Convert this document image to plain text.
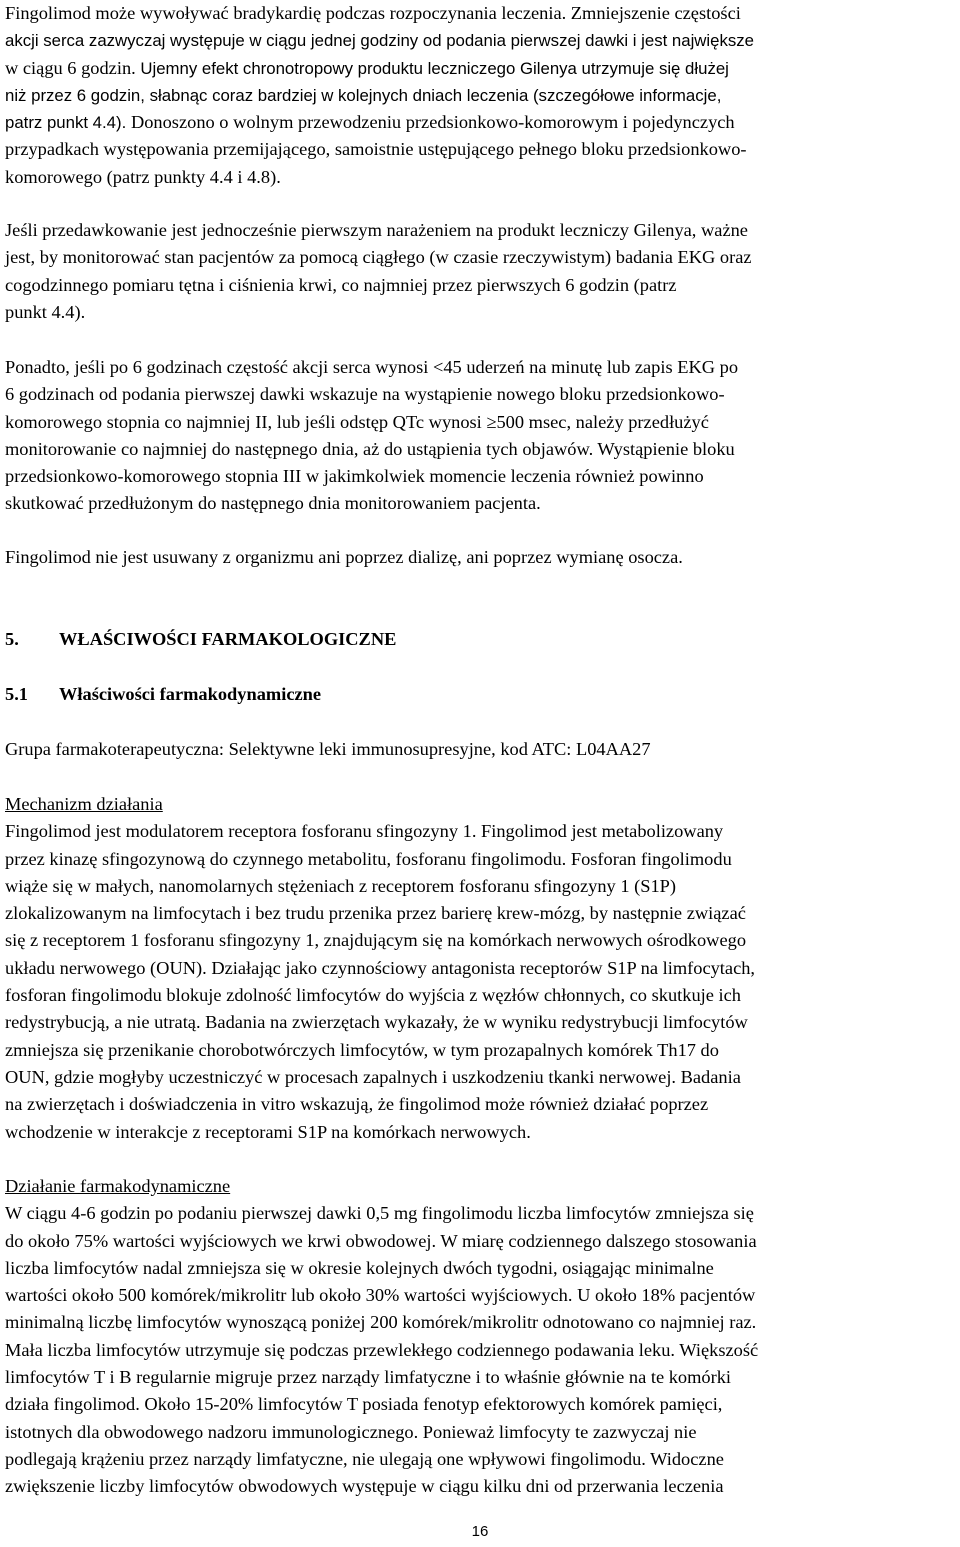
Fingolimod może wywoływać bradykardię podczas rozpoczynania leczenia. Zmniejszenie częstości
akcji serca zazwyczaj występuje w ciągu jednej godziny od podania pierwszej dawki i jest największe
w ciągu 6 godzin. Ujemny efekt chronotropowy produktu leczniczego Gilenya utrzymuje się dłużej
niż przez 6 godzin, słabnąc coraz bardziej w kolejnych dniach leczenia (szczegółowe informacje,
patrz punkt 4.4). Donoszono o wolnym przewodzeniu przedsionkowo-komorowym i pojedynczych
przypadkach występowania przemijającego, samoistnie ustępującego pełnego bloku przedsionkowo-
komorowego (patrz punkty 4.4 i 4.8).
Jeśli przedawkowanie jest jednocześnie pierwszym narażeniem na produkt leczniczy Gilenya, ważne
jest, by monitorować stan pacjentów za pomocą ciągłego (w czasie rzeczywistym) badania EKG oraz
cogodzinnego pomiaru tętna i ciśnienia krwi, co najmniej przez pierwszych 6 godzin (patrz
punkt 4.4).
Ponadto, jeśli po 6 godzinach częstość akcji serca wynosi <45 uderzeń na minutę lub zapis EKG po
6 godzinach od podania pierwszej dawki wskazuje na wystąpienie nowego bloku przedsionkowo-
komorowego stopnia co najmniej II, lub jeśli odstęp QTc wynosi ≥500 msec, należy przedłużyć
monitorowanie co najmniej do następnego dnia, aż do ustąpienia tych objawów. Wystąpienie bloku
przedsionkowo-komorowego stopnia III w jakimkolwiek momencie leczenia również powinno
skutkować przedłużonym do następnego dnia monitorowaniem pacjenta.
Fingolimod nie jest usuwany z organizmu ani poprzez dializę, ani poprzez wymianę osocza.
5. WŁAŚCIWOŚCI FARMAKOLOGICZNE
5.1 Właściwości farmakodynamiczne
Grupa farmakoterapeutyczna: Selektywne leki immunosupresyjne, kod ATC: L04AA27
Mechanizm działania
Fingolimod jest modulatorem receptora fosforanu sfingozyny 1. Fingolimod jest metabolizowany
przez kinazę sfingozynową do czynnego metabolitu, fosforanu fingolimodu. Fosforan fingolimodu
wiąże się w małych, nanomolarnych stężeniach z receptorem fosforanu sfingozyny 1 (S1P)
zlokalizowanym na limfocytach i bez trudu przenika przez barierę krew-mózg, by następnie związać
się z receptorem 1 fosforanu sfingozyny 1, znajdującym się na komórkach nerwowych ośrodkowego
układu nerwowego (OUN). Działając jako czynnościowy antagonista receptorów S1P na limfocytach,
fosforan fingolimodu blokuje zdolność limfocytów do wyjścia z węzłów chłonnych, co skutkuje ich
redystrybucją, a nie utratą. Badania na zwierzętach wykazały, że w wyniku redystrybucji limfocytów
zmniejsza się przenikanie chorobotwórczych limfocytów, w tym prozapalnych komórek Th17 do
OUN, gdzie mogłyby uczestniczyć w procesach zapalnych i uszkodzeniu tkanki nerwowej. Badania
na zwierzętach i doświadczenia in vitro wskazują, że fingolimod może również działać poprzez
wchodzenie w interakcje z receptorami S1P na komórkach nerwowych.
Działanie farmakodynamiczne
W ciągu 4-6 godzin po podaniu pierwszej dawki 0,5 mg fingolimodu liczba limfocytów zmniejsza się
do około 75% wartości wyjściowych we krwi obwodowej. W miarę codziennego dalszego stosowania
liczba limfocytów nadal zmniejsza się w okresie kolejnych dwóch tygodni, osiągając minimalne
wartości około 500 komórek/mikrolitr lub około 30% wartości wyjściowych. U około 18% pacjentów
minimalną liczbę limfocytów wynoszącą poniżej 200 komórek/mikrolitr odnotowano co najmniej raz.
Mała liczba limfocytów utrzymuje się podczas przewlekłego codziennego podawania leku. Większość
limfocytów T i B regularnie migruje przez narządy limfatyczne i to właśnie głównie na te komórki
działa fingolimod. Około 15-20% limfocytów T posiada fenotyp efektorowych komórek pamięci,
istotnych dla obwodowego nadzoru immunologicznego. Ponieważ limfocyty te zazwyczaj nie
podlegają krążeniu przez narządy limfatyczne, nie ulegają one wpływowi fingolimodu. Widoczne
zwiększenie liczby limfocytów obwodowych występuje w ciągu kilku dni od przerwania leczenia
16
